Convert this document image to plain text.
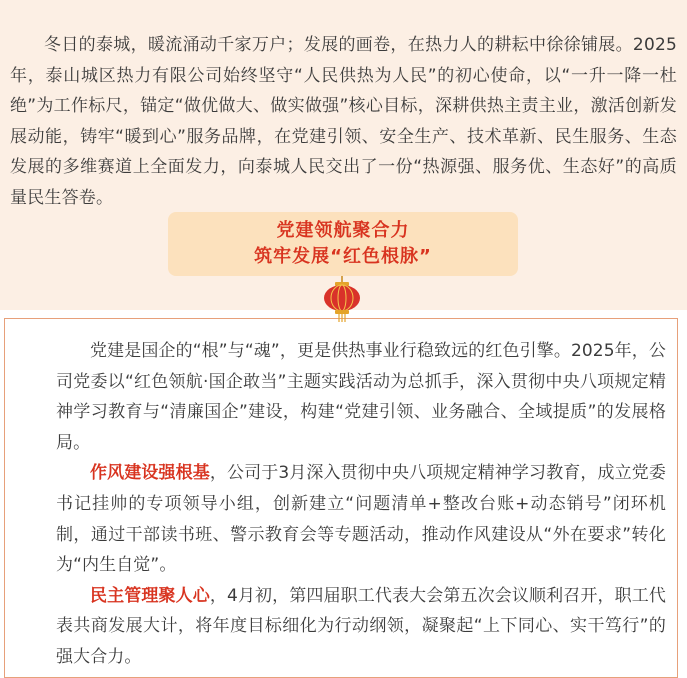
冬日的泰城，暖流涌动千家万户；发展的画卷，在热力人的耕耘中徐徐铺展。2025年，泰山城区热力有限公司始终坚守“人民供热为人民”的初心使命，以“一升一降一杜绝”为工作标尺，锚定“做优做大、做实做强”核心目标，深耕供热主责主业，激活创新发展动能，铸牢“暖到心”服务品牌，在党建引领、安全生产、技术革新、民生服务、生态发展的多维赛道上全面发力，向泰城人民交出了一份“热源强、服务优、生态好”的高质量民生答卷。

党建领航聚合力
筑牢发展“红色根脉”

党建是国企的“根”与“魂”，更是供热事业行稳致远的红色引擎。2025年，公司党委以“红色领航·国企敢当”主题实践活动为总抓手，深入贯彻中央八项规定精神学习教育与“清廉国企”建设，构建“党建引领、业务融合、全域提质”的发展格局。

作风建设强根基，公司于3月深入贯彻中央八项规定精神学习教育，成立党委书记挂帅的专项领导小组，创新建立“问题清单+整改台账+动态销号”闭环机制，通过干部读书班、警示教育会等专题活动，推动作风建设从“外在要求”转化为“内生自觉”。

民主管理聚人心，4月初，第四届职工代表大会第五次会议顺利召开，职工代表共商发展大计，将年度目标细化为行动纲领，凝聚起“上下同心、实干笃行”的强大合力。
